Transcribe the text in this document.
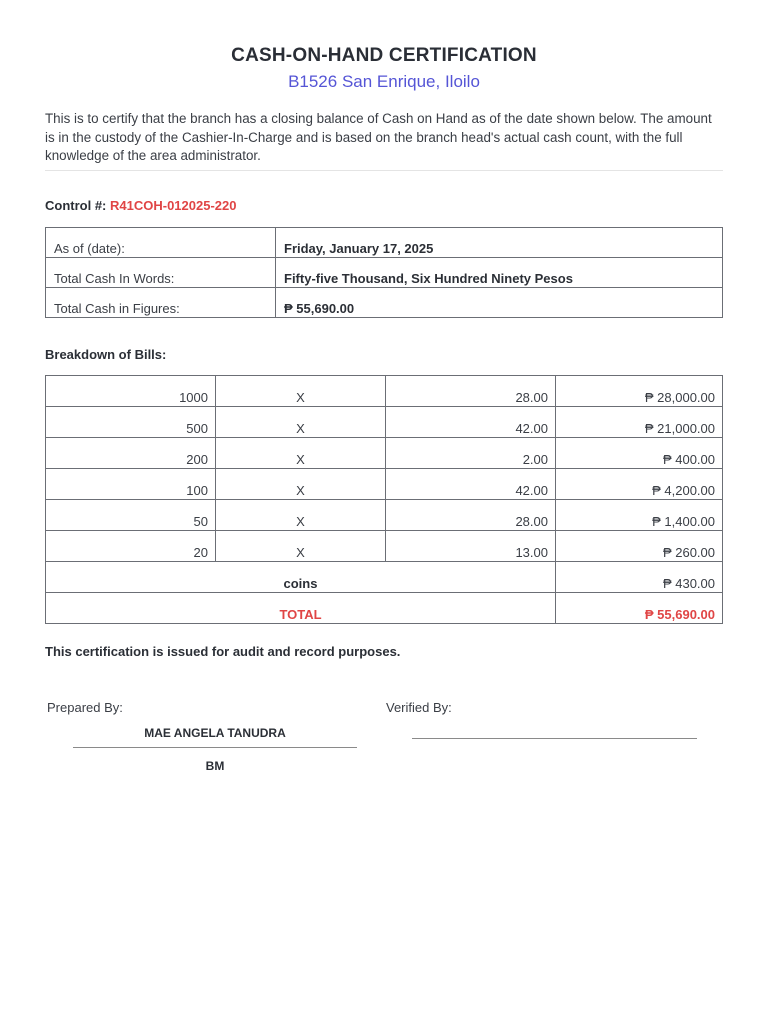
CASH-ON-HAND CERTIFICATION
B1526 San Enrique, Iloilo
This is to certify that the branch has a closing balance of Cash on Hand as of the date shown below. The amount is in the custody of the Cashier-In-Charge and is based on the branch head's actual cash count, with the full knowledge of the area administrator.
Control #: R41COH-012025-220
As of (date):	Friday, January 17, 2025
Total Cash In Words:	Fifty-five Thousand, Six Hundred Ninety Pesos
Total Cash in Figures:	₱ 55,690.00
Breakdown of Bills:
1000	X	28.00	₱ 28,000.00
500	X	42.00	₱ 21,000.00
200	X	2.00	₱ 400.00
100	X	42.00	₱ 4,200.00
50	X	28.00	₱ 1,400.00
20	X	13.00	₱ 260.00
coins			₱ 430.00
TOTAL			₱ 55,690.00
This certification is issued for audit and record purposes.
Prepared By:	Verified By:
MAE ANGELA TANUDRA
BM
